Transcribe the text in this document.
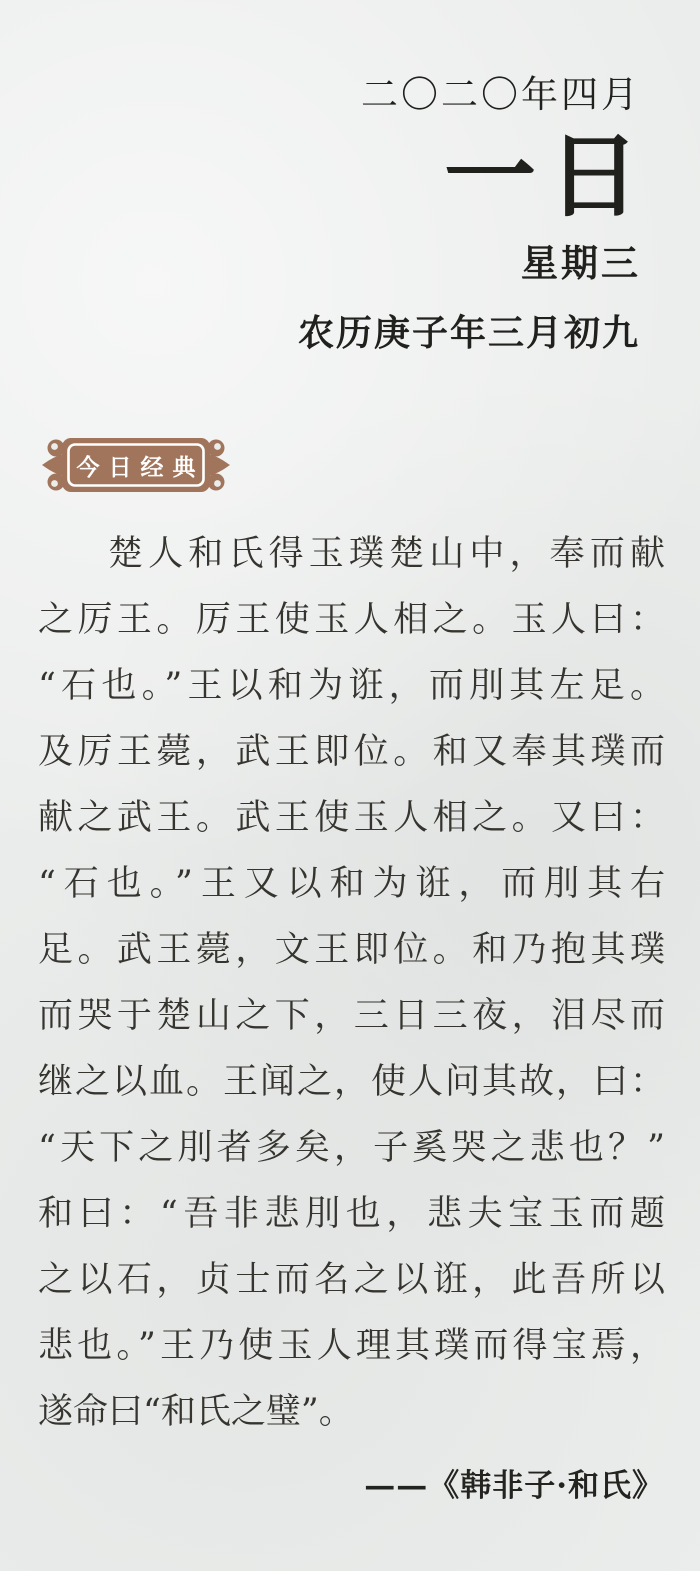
二〇二〇年四月
一日
星期三
农历庚子年三月初九
今日经典
楚人和氏得玉璞楚山中，奉而献
之厉王。厉王使玉人相之。玉人曰：
“石也。”王以和为诳，而刖其左足。
及厉王薨，武王即位。和又奉其璞而
献之武王。武王使玉人相之。又曰：
“石也。”王又以和为诳，而刖其右
足。武王薨，文王即位。和乃抱其璞
而哭于楚山之下，三日三夜，泪尽而
继之以血。王闻之，使人问其故，曰：
“天下之刖者多矣，子奚哭之悲也？”
和曰：“吾非悲刖也，悲夫宝玉而题
之以石，贞士而名之以诳，此吾所以
悲也。”王乃使玉人理其璞而得宝焉，
遂命曰“和氏之璧”。
——《韩非子·和氏》
